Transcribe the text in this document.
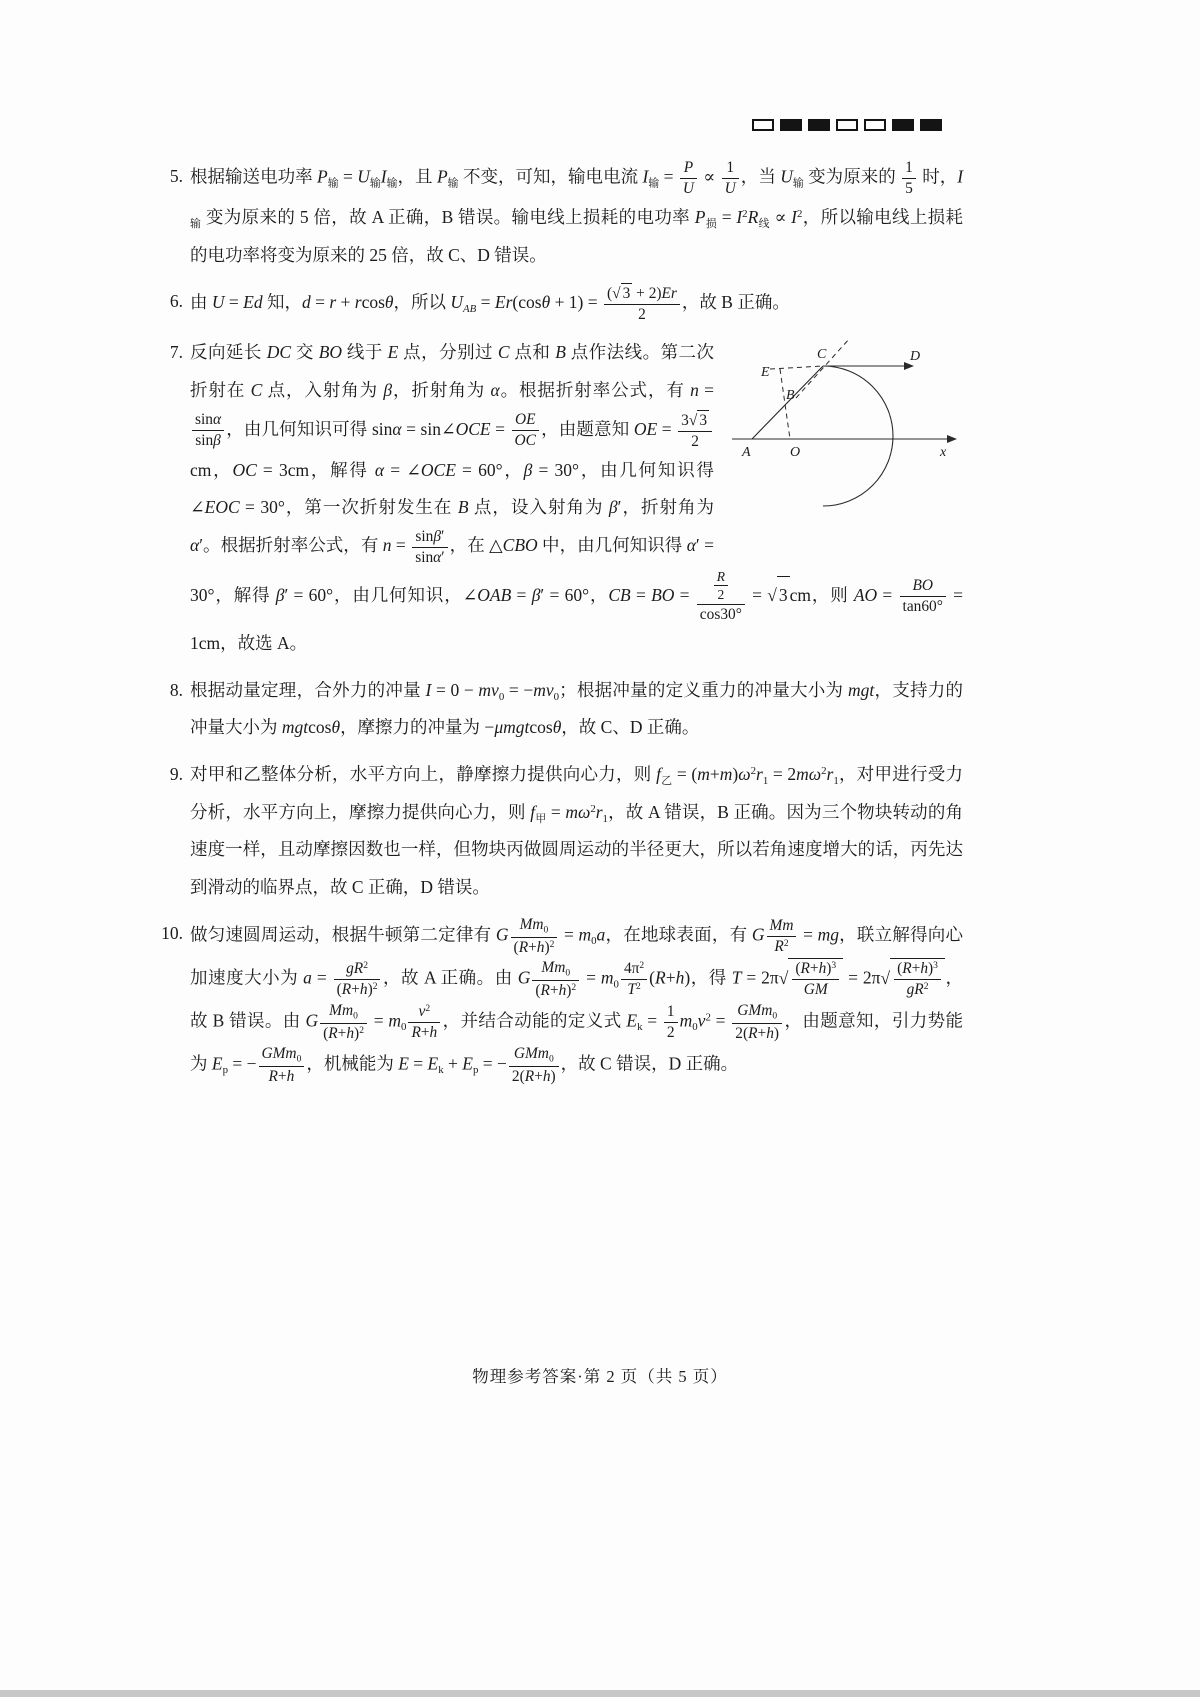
5. 根据输送电功率 $P_输 = U_输I_输$，且 $P_输$ 不变，可知，输电电流 $I_输 = \frac{P}{U} \propto \frac{1}{U}$ ，当 $U_输$ 变为原来的 $\frac{1}{5}$ 时，$I_输$ 变为原来的 5 倍，故 A 正确，B 错误。输电线上损耗的电功率 $P_损 = I^2R_线 \propto I^2$，所以输电线上损耗的电功率将变为原来的 25 倍，故 C、D 错误。
6. 由 U = Ed 知，d = r + rcosθ，所以 $U_{AB} = Er(\cos\theta + 1) = \frac{( √ 3 + 2)Er}{2}$ ，故 B 正确。
7.
E
C	D
B
A	O	x
反向延长 DC 交 BO 线于 E 点，分别过 C 点和 B 点作法线。第二次折射在 C 点，入射角为 β，折射角为 α。根据折射率公式，有 n =
$\frac{\sin\alpha}{\sin\beta}$ ，由几何知识可得 sinα = sin∠OCE = $\frac{OE}{OC}$ ，由题意知 OE = $\frac{3 √ 3}{2}$
cm，OC = 3cm，解得 α = ∠OCE = 60°，β = 30°，由几何知识得 ∠EOC = 30°，第一次折射发生在 B 点，设入射角为 β′，折射角为 α′。根据折射率公式，有 $n = \frac{\sin\beta'}{\sin\alpha'}$ ，在 △CBO 中，由几何知识得 α′ = 30°，解得 β′ = 60°，由几何知识，∠OAB = β′ = 60°，CB = BO = $\frac{\frac{R}{2}}{\cos 30^\circ}$ = √ 3 cm，则 AO = $\frac{BO}{\tan 60^\circ} = 1cm$，故选 A。
8. 根据动量定理，合外力的冲量 $I = 0 - mv_0 = -mv_0$；根据冲量的定义重力的冲量大小为 mgt，支持力的冲量大小为 mgtcosθ，摩擦力的冲量为 −μmgtcosθ，故 C、D 正确。
9. 对甲和乙整体分析，水平方向上，静摩擦力提供向心力，则 $f_乙 = (m+m)\omega^2r_1 = 2m\omega^2r_1$，对甲进行受力分析，水平方向上，摩擦力提供向心力，则 $f_甲 = m\omega^2r_1$，故 A 错误，B 正确。因为三个物块转动的角速度一样，且动摩擦因数也一样，但物块丙做圆周运动的半径更大，所以若角速度增大的话，丙先达到滑动的临界点，故 C 正确，D 错误。
10. 做匀速圆周运动，根据牛顿第二定律有 G $\frac{Mm_0}{(R+h)^2} = m_0a$，在地球表面，有 G $\frac{Mm}{R^2}$ = mg，联立解得向心加速度大小为 $a = \frac{gR^2}{(R+h)^2}$ ，故 A 正确。由 G $\frac{Mm_0}{(R+h)^2} = m_0 \frac{4\pi^2}{T^2} (R+h)$，得 T = 2π √ $\frac{(R+h)^3}{GM} = 2\pi$ √ $\frac{(R+h)^3}{gR^2}$ ，故 B 错误。由 G $\frac{Mm_0}{(R+h)^2} = m_0 \frac{v^2}{R+h}$ ，并结合动能的定义式 $E_k = \frac{1}{2} m_0v^2 = GMm_0$
2(R+h)
，由题意知，引力势能为 $E_p$ = − GMm$_0$
R+h
，机械能为 $E = E_k + E_p$ = − GMm$_0$
2(R+h)
，故 C 错误，D 正确。
物理参考答案·第 2 页（共 5 页）
